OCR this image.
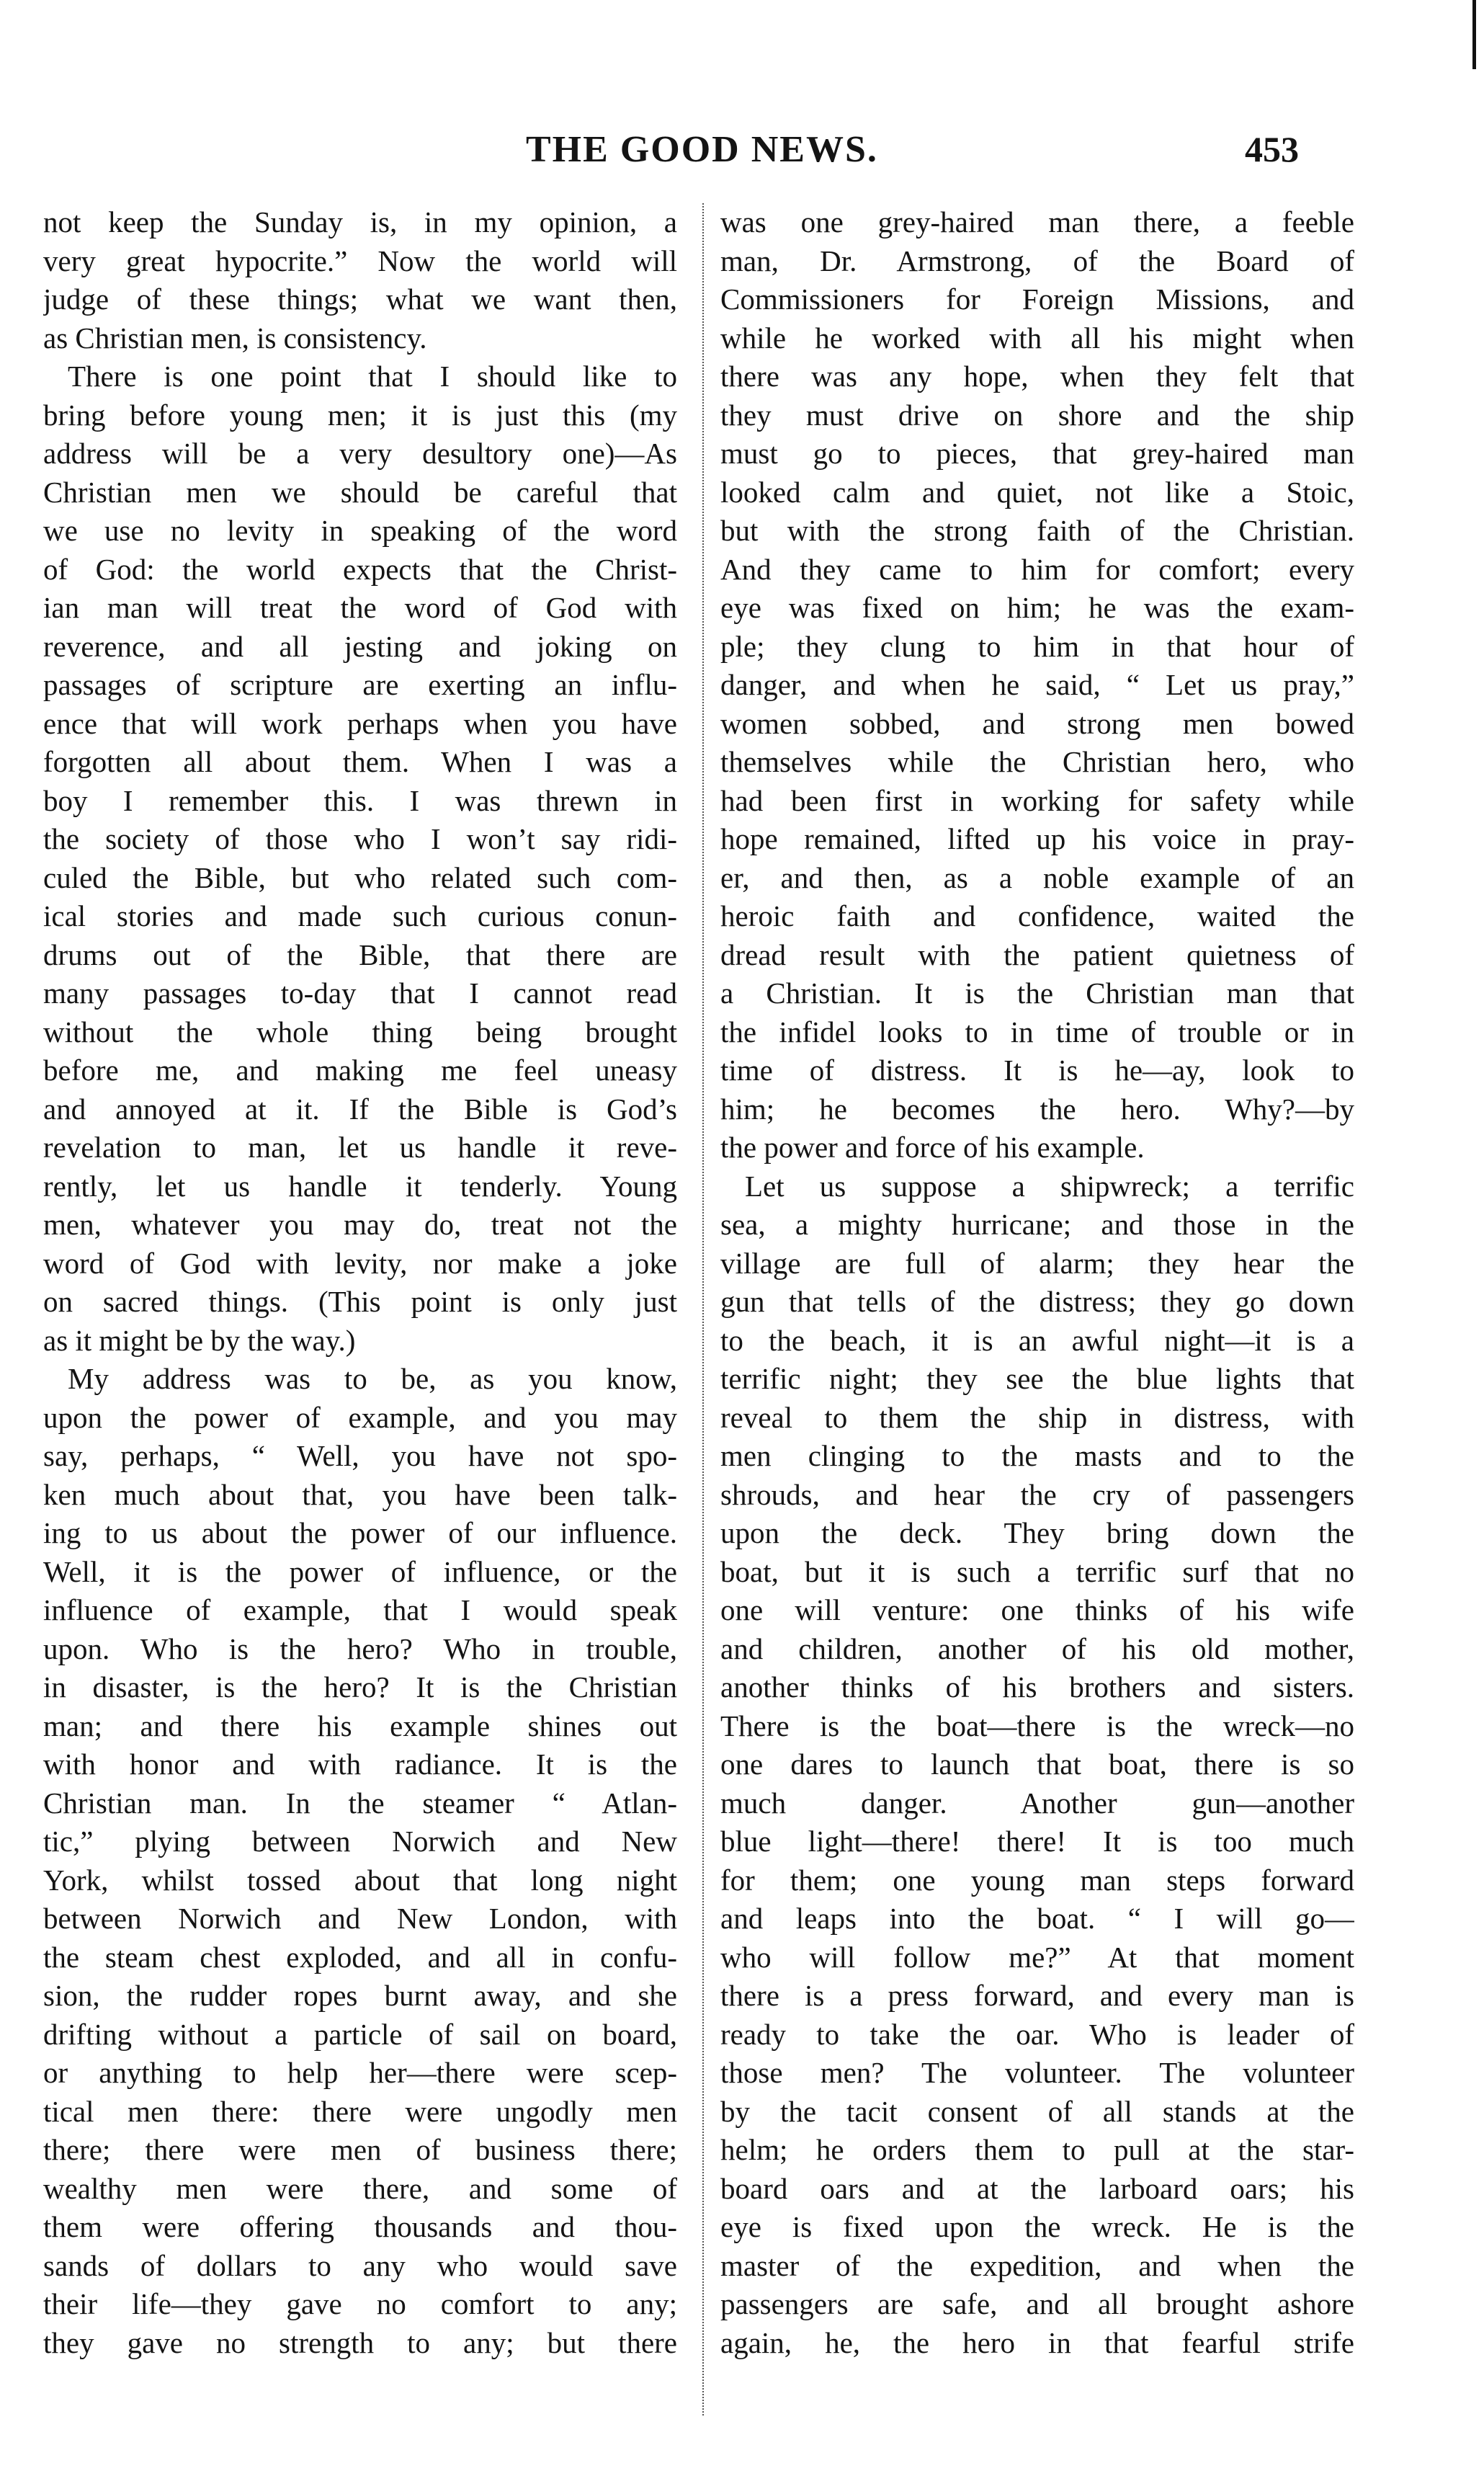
THE GOOD NEWS.	453
not keep the Sunday is, in my opinion, a
very great hypocrite.” Now the world will
judge of these things; what we want then,
as Christian men, is consistency.
There is one point that I should like to
bring before young men; it is just this (my
address will be a very desultory one)—As
Christian men we should be careful that
we use no levity in speaking of the word
of God: the world expects that the Christ-
ian man will treat the word of God with
reverence, and all jesting and joking on
passages of scripture are exerting an influ-
ence that will work perhaps when you have
forgotten all about them. When I was a
boy I remember this. I was threwn in
the society of those who I won’t say ridi-
culed the Bible, but who related such com-
ical stories and made such curious conun-
drums out of the Bible, that there are
many passages to-day that I cannot read
without the whole thing being brought
before me, and making me feel uneasy
and annoyed at it. If the Bible is God’s
revelation to man, let us handle it reve-
rently, let us handle it tenderly. Young
men, whatever you may do, treat not the
word of God with levity, nor make a joke
on sacred things. (This point is only just
as it might be by the way.)
My address was to be, as you know,
upon the power of example, and you may
say, perhaps, “ Well, you have not spo-
ken much about that, you have been talk-
ing to us about the power of our influence.
Well, it is the power of influence, or the
influence of example, that I would speak
upon. Who is the hero? Who in trouble,
in disaster, is the hero? It is the Christian
man; and there his example shines out
with honor and with radiance. It is the
Christian man. In the steamer “ Atlan-
tic,” plying between Norwich and New
York, whilst tossed about that long night
between Norwich and New London, with
the steam chest exploded, and all in confu-
sion, the rudder ropes burnt away, and she
drifting without a particle of sail on board,
or anything to help her—there were scep-
tical men there: there were ungodly men
there; there were men of business there;
wealthy men were there, and some of
them were offering thousands and thou-
sands of dollars to any who would save
their life—they gave no comfort to any;
they gave no strength to any; but there
was one grey-haired man there, a feeble
man, Dr. Armstrong, of the Board of
Commissioners for Foreign Missions, and
while he worked with all his might when
there was any hope, when they felt that
they must drive on shore and the ship
must go to pieces, that grey-haired man
looked calm and quiet, not like a Stoic,
but with the strong faith of the Christian.
And they came to him for comfort; every
eye was fixed on him; he was the exam-
ple; they clung to him in that hour of
danger, and when he said, “ Let us pray,”
women sobbed, and strong men bowed
themselves while the Christian hero, who
had been first in working for safety while
hope remained, lifted up his voice in pray-
er, and then, as a noble example of an
heroic faith and confidence, waited the
dread result with the patient quietness of
a Christian. It is the Christian man that
the infidel looks to in time of trouble or in
time of distress. It is he—ay, look to
him; he becomes the hero. Why?—by
the power and force of his example.
Let us suppose a shipwreck; a terrific
sea, a mighty hurricane; and those in the
village are full of alarm; they hear the
gun that tells of the distress; they go down
to the beach, it is an awful night—it is a
terrific night; they see the blue lights that
reveal to them the ship in distress, with
men clinging to the masts and to the
shrouds, and hear the cry of passengers
upon the deck. They bring down the
boat, but it is such a terrific surf that no
one will venture: one thinks of his wife
and children, another of his old mother,
another thinks of his brothers and sisters.
There is the boat—there is the wreck—no
one dares to launch that boat, there is so
much danger. Another gun—another
blue light—there! there! It is too much
for them; one young man steps forward
and leaps into the boat. “ I will go—
who will follow me?” At that moment
there is a press forward, and every man is
ready to take the oar. Who is leader of
those men? The volunteer. The volunteer
by the tacit consent of all stands at the
helm; he orders them to pull at the star-
board oars and at the larboard oars; his
eye is fixed upon the wreck. He is the
master of the expedition, and when the
passengers are safe, and all brought ashore
again, he, the hero in that fearful strife
